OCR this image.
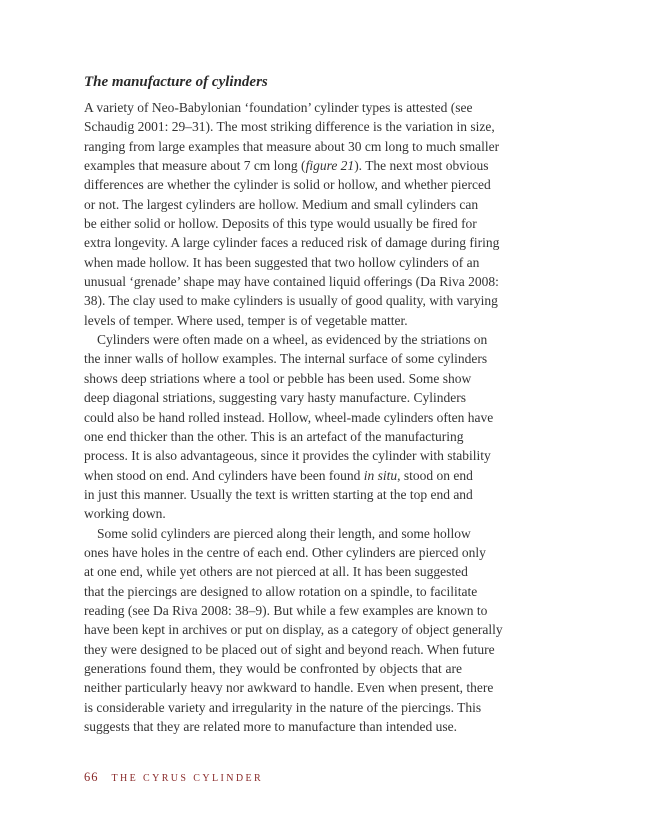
The manufacture of cylinders

A variety of Neo-Babylonian ‘foundation’ cylinder types is attested (see
Schaudig 2001: 29–31). The most striking difference is the variation in size,
ranging from large examples that measure about 30 cm long to much smaller
examples that measure about 7 cm long (figure 21). The next most obvious
differences are whether the cylinder is solid or hollow, and whether pierced
or not. The largest cylinders are hollow. Medium and small cylinders can
be either solid or hollow. Deposits of this type would usually be fired for
extra longevity. A large cylinder faces a reduced risk of damage during firing
when made hollow. It has been suggested that two hollow cylinders of an
unusual ‘grenade’ shape may have contained liquid offerings (Da Riva 2008:
38). The clay used to make cylinders is usually of good quality, with varying
levels of temper. Where used, temper is of vegetable matter.

Cylinders were often made on a wheel, as evidenced by the striations on
the inner walls of hollow examples. The internal surface of some cylinders
shows deep striations where a tool or pebble has been used. Some show
deep diagonal striations, suggesting vary hasty manufacture. Cylinders
could also be hand rolled instead. Hollow, wheel-made cylinders often have
one end thicker than the other. This is an artefact of the manufacturing
process. It is also advantageous, since it provides the cylinder with stability
when stood on end. And cylinders have been found in situ, stood on end
in just this manner. Usually the text is written starting at the top end and
working down.

Some solid cylinders are pierced along their length, and some hollow
ones have holes in the centre of each end. Other cylinders are pierced only
at one end, while yet others are not pierced at all. It has been suggested
that the piercings are designed to allow rotation on a spindle, to facilitate
reading (see Da Riva 2008: 38–9). But while a few examples are known to
have been kept in archives or put on display, as a category of object generally
they were designed to be placed out of sight and beyond reach. When future
generations found them, they would be confronted by objects that are
neither particularly heavy nor awkward to handle. Even when present, there
is considerable variety and irregularity in the nature of the piercings. This
suggests that they are related more to manufacture than intended use.

66 THE CYRUS CYLINDER
